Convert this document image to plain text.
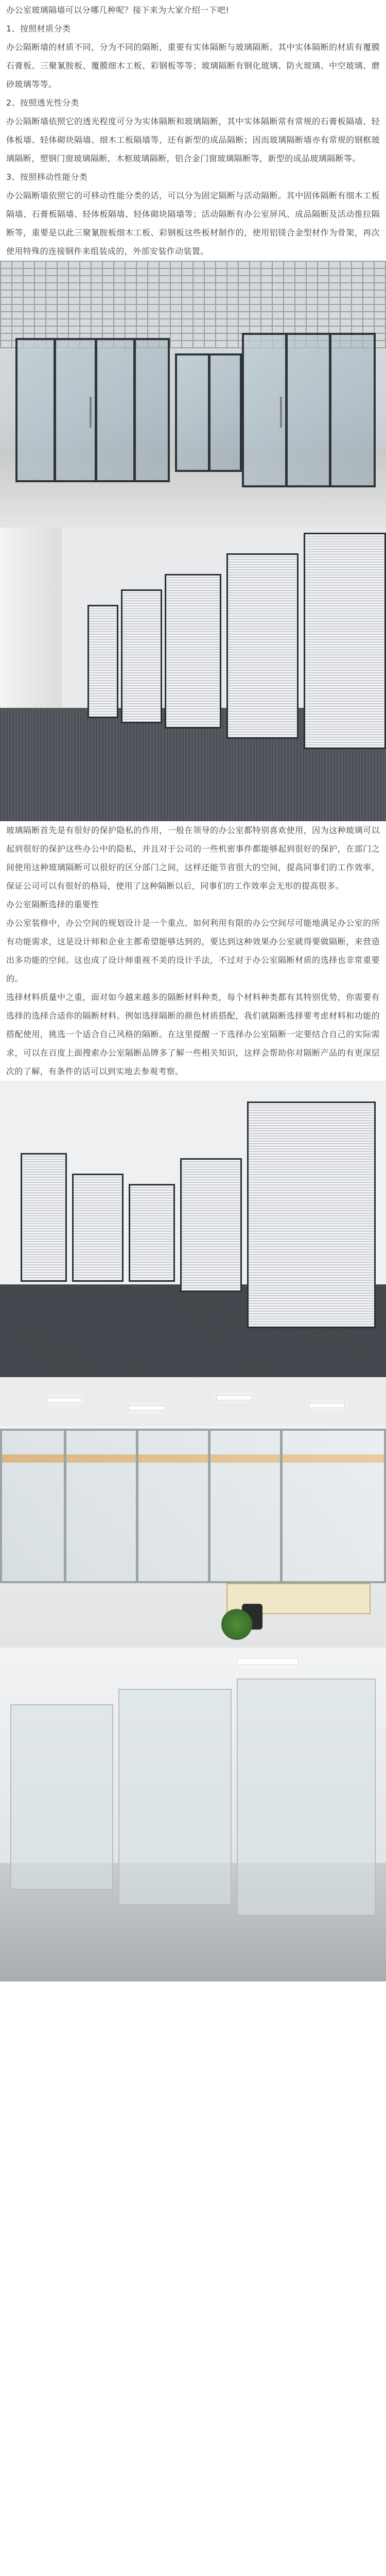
办公室玻璃隔墙可以分哪几种呢？接下来为大家介绍一下吧!

1、按照材质分类

办公隔断墙的材质不同，分为不同的隔断，重要有实体隔断与玻璃隔断。其中实体隔断的材质有覆膜石膏板、三聚氰胺板、覆膜细木工板、彩钢板等等；玻璃隔断有钢化玻璃、防火玻璃、中空玻璃、磨砂玻璃等等。

2、按照透光性分类

办公隔断墙依照它的透光程度可分为实体隔断和玻璃隔断，其中实体隔断常有常规的石膏板隔墙、轻体板墙、轻体砌块隔墙、细木工板隔墙等，还有新型的成品隔断；因而玻璃隔断墙亦有常规的钢框玻璃隔断，塑钢门窗玻璃隔断，木框玻璃隔断，铝合金门窗玻璃隔断等，新型的成品玻璃隔断等。

3、按照移动性能分类

办公隔断墙依照它的可移动性能分类的话，可以分为固定隔断与活动隔断。其中固体隔断有细木工板隔墙、石膏板隔墙、轻体板隔墙、轻体砌块隔墙等；活动隔断有办公室屏风、成品隔断及活动推拉隔断等，重要是以此三聚氰胺板细木工板、彩钢板这些板材制作的，使用铝镁合金型材作为骨架，再次使用特殊的连接钢件来组装成的，外部安装作动装置。

玻璃隔断首先是有很好的保护隐私的作用，一般在领导的办公室都特别喜欢使用，因为这种玻璃可以起到很好的保护这些办公中的隐私，并且对于公司的一些机密事件都能够起到很好的保护，在部门之间使用这种玻璃隔断可以很好的区分部门之间，这样还能节省很大的空间，提高同事们的工作效率，保证公司可以有很好的格局，使用了这种隔断以后，同事们的工作效率会无形的提高很多。

办公室隔断选择的重要性

办公室装修中，办公空间的规划设计是一个重点。如何利用有限的办公空间尽可能地满足办公室的所有功能需求，这是设计师和企业主都希望能够达到的，要达到这种效果办公室就得要做隔断，来营造出多功能的空间。这也成了设计师重视不美的设计手法，不过对于办公室隔断材质的选择也非常重要的。

选择材料质量中之重，面对如今越来越多的隔断材料种类，每个材料种类都有其特别优势，你需要有选择的选择合适你的隔断材料。例如选择隔断的颜色材质搭配，我们就隔断选择要考虑材料和功能的搭配使用，挑选一个适合自己风格的隔断。在这里提醒一下选择办公室隔断一定要结合自己的实际需求，可以在百度上面搜索办公室隔断品牌多了解一些相关知识，这样会帮助你对隔断产品的有更深层次的了解，有条件的话可以到实地去参观考察。
